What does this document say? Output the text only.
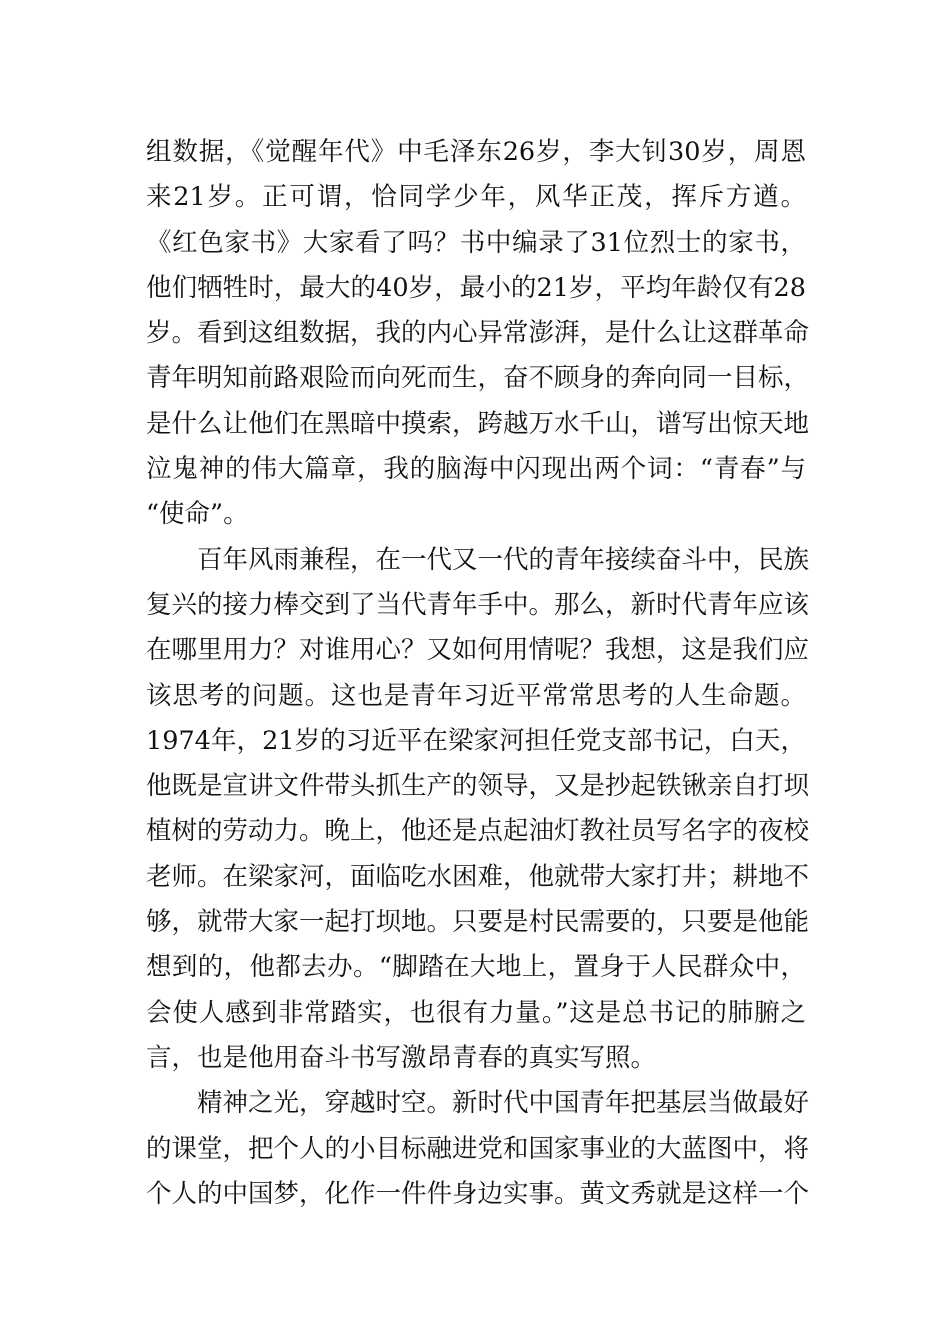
组数据，《觉醒年代》中毛泽东26岁，李大钊30岁，周恩
来21岁。正可谓，恰同学少年，风华正茂，挥斥方遒。
《红色家书》大家看了吗？书中编录了31位烈士的家书，
他们牺牲时，最大的40岁，最小的21岁，平均年龄仅有28
岁。看到这组数据，我的内心异常澎湃，是什么让这群革命
青年明知前路艰险而向死而生，奋不顾身的奔向同一目标，
是什么让他们在黑暗中摸索，跨越万水千山，谱写出惊天地
泣鬼神的伟大篇章，我的脑海中闪现出两个词：“青春”与
“使命”。
百年风雨兼程，在一代又一代的青年接续奋斗中，民族
复兴的接力棒交到了当代青年手中。那么，新时代青年应该
在哪里用力？对谁用心？又如何用情呢？我想，这是我们应
该思考的问题。这也是青年习近平常常思考的人生命题。
1974年，21岁的习近平在梁家河担任党支部书记，白天，
他既是宣讲文件带头抓生产的领导，又是抄起铁锹亲自打坝
植树的劳动力。晚上，他还是点起油灯教社员写名字的夜校
老师。在梁家河，面临吃水困难，他就带大家打井；耕地不
够，就带大家一起打坝地。只要是村民需要的，只要是他能
想到的，他都去办。“脚踏在大地上，置身于人民群众中，
会使人感到非常踏实，也很有力量。”这是总书记的肺腑之
言，也是他用奋斗书写激昂青春的真实写照。
精神之光，穿越时空。新时代中国青年把基层当做最好
的课堂，把个人的小目标融进党和国家事业的大蓝图中，将
个人的中国梦，化作一件件身边实事。黄文秀就是这样一个
